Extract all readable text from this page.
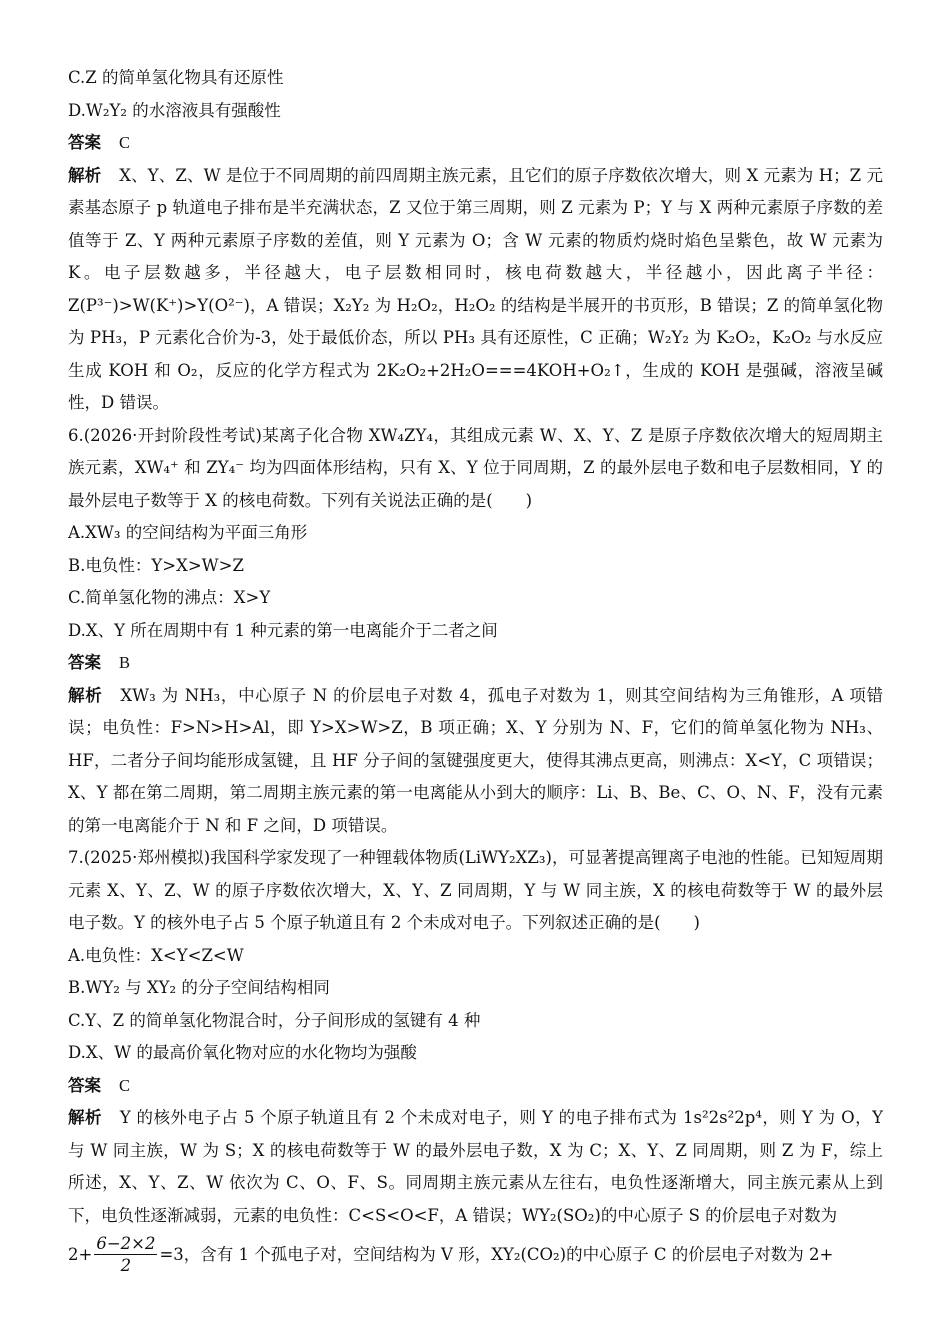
C.Z 的简单氢化物具有还原性
D.W₂Y₂ 的水溶液具有强酸性
答案 C
解析 X、Y、Z、W 是位于不同周期的前四周期主族元素，且它们的原子序数依次增大，则 X 元素为 H；Z 元素基态原子 p 轨道电子排布是半充满状态，Z 又位于第三周期，则 Z 元素为 P；Y 与 X 两种元素原子序数的差值等于 Z、Y 两种元素原子序数的差值，则 Y 元素为 O；含 W 元素的物质灼烧时焰色呈紫色，故 W 元素为 K。电子层数越多，半径越大，电子层数相同时，核电荷数越大，半径越小，因此离子半径：Z(P³⁻)>W(K⁺)>Y(O²⁻)，A 错误；X₂Y₂ 为 H₂O₂，H₂O₂ 的结构是半展开的书页形，B 错误；Z 的简单氢化物为 PH₃，P 元素化合价为-3，处于最低价态，所以 PH₃ 具有还原性，C 正确；W₂Y₂ 为 K₂O₂，K₂O₂ 与水反应生成 KOH 和 O₂，反应的化学方程式为 2K₂O₂+2H₂O===4KOH+O₂↑，生成的 KOH 是强碱，溶液呈碱性，D 错误。
6.(2026·开封阶段性考试)某离子化合物 XW₄ZY₄，其组成元素 W、X、Y、Z 是原子序数依次增大的短周期主族元素，XW₄⁺ 和 ZY₄⁻ 均为四面体形结构，只有 X、Y 位于同周期，Z 的最外层电子数和电子层数相同，Y 的最外层电子数等于 X 的核电荷数。下列有关说法正确的是(　　)
A.XW₃ 的空间结构为平面三角形
B.电负性：Y>X>W>Z
C.简单氢化物的沸点：X>Y
D.X、Y 所在周期中有 1 种元素的第一电离能介于二者之间
答案 B
解析 XW₃ 为 NH₃，中心原子 N 的价层电子对数 4，孤电子对数为 1，则其空间结构为三角锥形，A 项错误；电负性：F>N>H>Al，即 Y>X>W>Z，B 项正确；X、Y 分别为 N、F，它们的简单氢化物为 NH₃、HF，二者分子间均能形成氢键，且 HF 分子间的氢键强度更大，使得其沸点更高，则沸点：X<Y，C 项错误；X、Y 都在第二周期，第二周期主族元素的第一电离能从小到大的顺序：Li、B、Be、C、O、N、F，没有元素的第一电离能介于 N 和 F 之间，D 项错误。
7.(2025·郑州模拟)我国科学家发现了一种锂载体物质(LiWY₂XZ₃)，可显著提高锂离子电池的性能。已知短周期元素 X、Y、Z、W 的原子序数依次增大，X、Y、Z 同周期，Y 与 W 同主族，X 的核电荷数等于 W 的最外层电子数。Y 的核外电子占 5 个原子轨道且有 2 个未成对电子。下列叙述正确的是(　　)
A.电负性：X<Y<Z<W
B.WY₂ 与 XY₂ 的分子空间结构相同
C.Y、Z 的简单氢化物混合时，分子间形成的氢键有 4 种
D.X、W 的最高价氧化物对应的水化物均为强酸
答案 C
解析 Y 的核外电子占 5 个原子轨道且有 2 个未成对电子，则 Y 的电子排布式为 1s²2s²2p⁴，则 Y 为 O，Y 与 W 同主族，W 为 S；X 的核电荷数等于 W 的最外层电子数，X 为 C；X、Y、Z 同周期，则 Z 为 F，综上所述，X、Y、Z、W 依次为 C、O、F、S。同周期主族元素从左往右，电负性逐渐增大，同主族元素从上到下，电负性逐渐减弱，元素的电负性：C<S<O<F，A 错误；WY₂(SO₂)的中心原子 S 的价层电子对数为
$2+ \frac{6-2\times 2}{2} =3$，含有 1 个孤电子对，空间结构为 V 形，XY₂(CO₂)的中心原子 C 的价层电子对数为 2+
